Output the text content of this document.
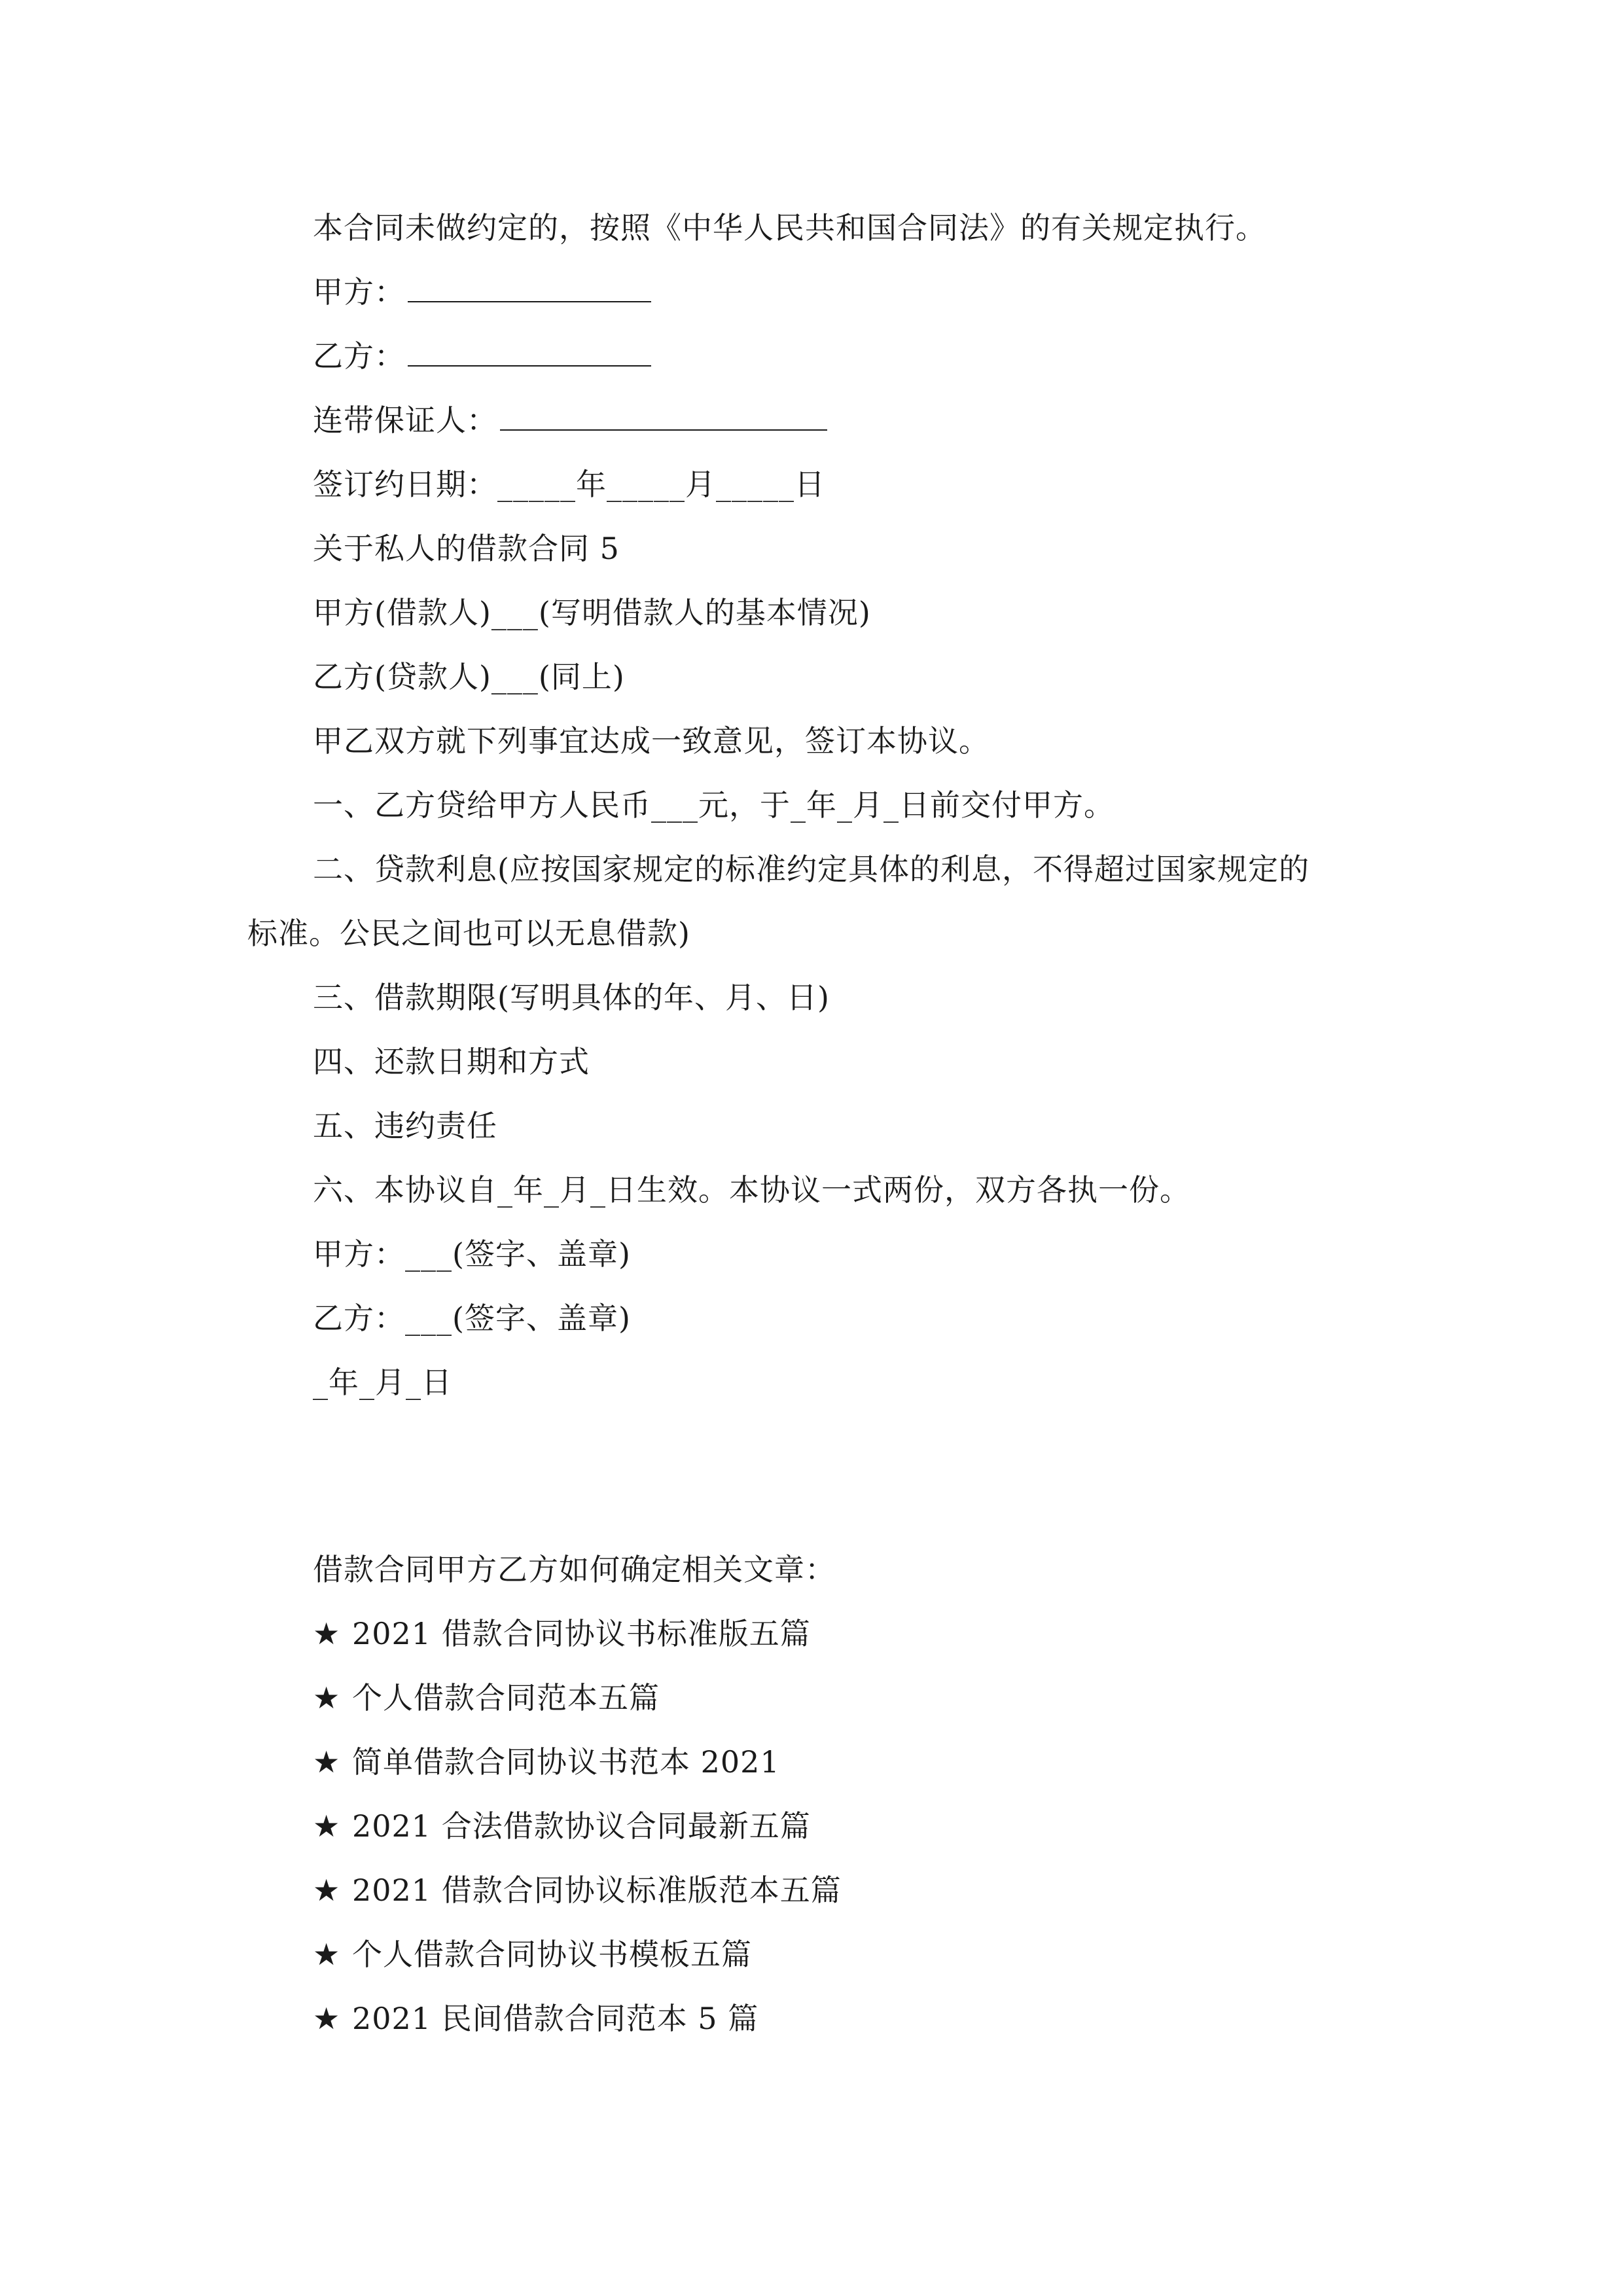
本合同未做约定的，按照《中华人民共和国合同法》的有关规定执行。
甲方：
乙方：
连带保证人：
签订约日期：_____年_____月_____日
关于私人的借款合同 5
甲方(借款人)___(写明借款人的基本情况)
乙方(贷款人)___(同上)
甲乙双方就下列事宜达成一致意见，签订本协议。
一、乙方贷给甲方人民币___元，于_年_月_日前交付甲方。
二、贷款利息(应按国家规定的标准约定具体的利息，不得超过国家规定的
标准。公民之间也可以无息借款)
三、借款期限(写明具体的年、月、日)
四、还款日期和方式
五、违约责任
六、本协议自_年_月_日生效。本协议一式两份，双方各执一份。
甲方：___(签字、盖章)
乙方：___(签字、盖章)
_年_月_日
借款合同甲方乙方如何确定相关文章：
★ 2021 借款合同协议书标准版五篇
★ 个人借款合同范本五篇
★ 简单借款合同协议书范本 2021
★ 2021 合法借款协议合同最新五篇
★ 2021 借款合同协议标准版范本五篇
★ 个人借款合同协议书模板五篇
★ 2021 民间借款合同范本 5 篇
